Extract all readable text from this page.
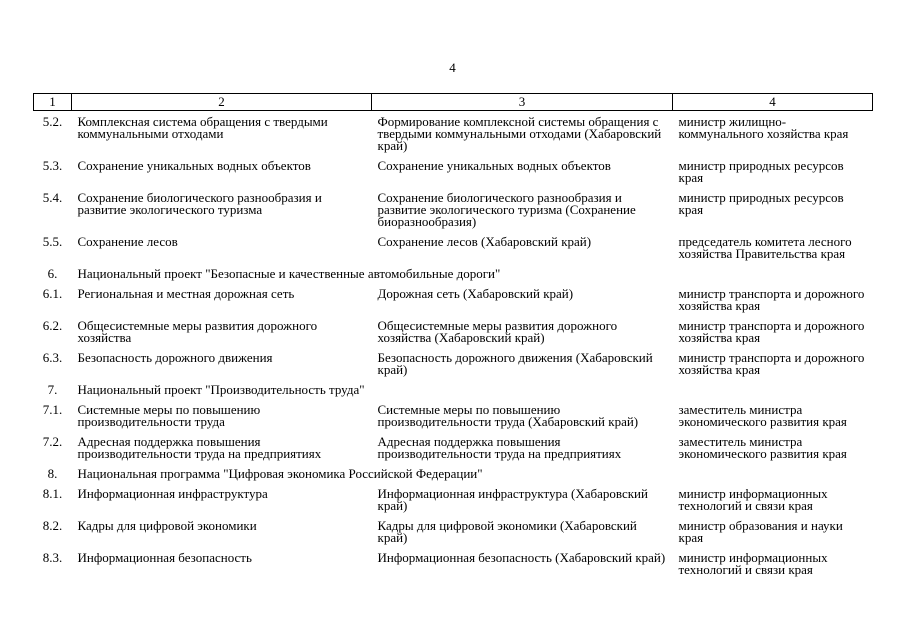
4
1	2	3	4
5.2.	Комплексная система обращения с твердыми коммунальными отходами	Формирование комплексной системы обращения с твердыми коммунальными отходами (Хабаровский край)	министр жилищно-коммунального хозяйства края
5.3.	Сохранение уникальных водных объектов	Сохранение уникальных водных объектов	министр природных ресурсов края
5.4.	Сохранение биологического разнообразия и развитие экологического туризма	Сохранение биологического разнообразия и развитие экологического туризма (Сохранение биоразнообразия)	министр природных ресурсов края
5.5.	Сохранение лесов	Сохранение лесов (Хабаровский край)	председатель комитета лесного хозяйства Правительства края
6.	Национальный проект "Безопасные и качественные автомобильные дороги"		
6.1.	Региональная и местная дорожная сеть	Дорожная сеть (Хабаровский край)	министр транспорта и дорожного хозяйства края
6.2.	Общесистемные меры развития дорожного хозяйства	Общесистемные меры развития дорожного хозяйства (Хабаровский край)	министр транспорта и дорожного хозяйства края
6.3.	Безопасность дорожного движения	Безопасность дорожного движения (Хабаровский край)	министр транспорта и дорожного хозяйства края
7.	Национальный проект "Производительность труда"		
7.1.	Системные меры по повышению производительности труда	Системные меры по повышению производительности труда (Хабаровский край)	заместитель министра экономического развития края
7.2.	Адресная поддержка повышения производительности труда на предприятиях	Адресная поддержка повышения производительности труда на предприятиях	заместитель министра экономического развития края
8.	Национальная программа "Цифровая экономика Российской Федерации"		
8.1.	Информационная инфраструктура	Информационная инфраструктура (Хабаровский край)	министр информационных технологий и связи края
8.2.	Кадры для цифровой экономики	Кадры для цифровой экономики (Хабаровский край)	министр образования и науки края
8.3.	Информационная безопасность	Информационная безопасность (Хабаровский край)	министр информационных технологий и связи края
